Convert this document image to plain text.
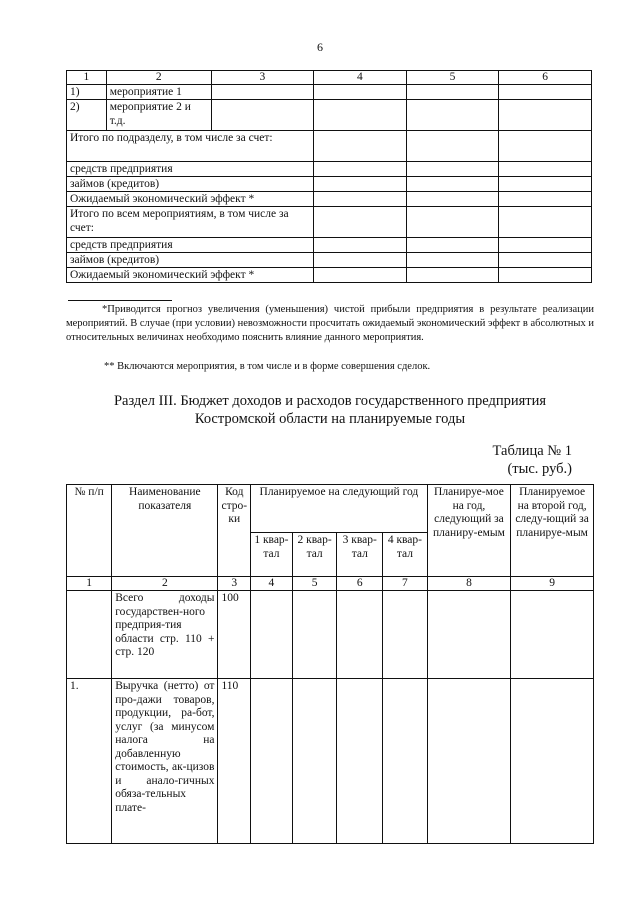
6
1	2	3	4	5	6
1)	мероприятие 1				
2)	мероприятие 2 и т.д.				
Итого по подразделу, в том числе за счет:					
средств предприятия					
займов (кредитов)					
Ожидаемый экономический эффект *					
Итого по всем мероприятиям, в том числе за счет:					
средств предприятия					
займов (кредитов)					
Ожидаемый экономический эффект *					
*Приводится прогноз увеличения (уменьшения) чистой прибыли предприятия в результате реализации мероприятий. В случае (при условии) невозможности просчитать ожидаемый экономический эффект в абсолютных и относительных величинах необходимо пояснить влияние данного мероприятия.
** Включаются мероприятия, в том числе и в форме совершения сделок.
Раздел III. Бюджет доходов и расходов государственного предприятия
Костромской области на планируемые годы
Таблица № 1
(тыс. руб.)
№ п/п	Наименование показателя	Код стро-ки	Планируемое на следующий год				Планируе-мое на год, следующий за планиру-емым	Планируемое на второй год, следу-ющий за планируе-мым
			1 квар-тал	2 квар-тал	3 квар-тал	4 квар-тал		
1	2	3	4	5	6	7	8	9
	Всего доходы государствен-ного предприя-тия области стр. 110 + стр. 120	100						
1.	Выручка (нетто) от про-дажи товаров, продукции, ра-бот, услуг (за минусом налога на добавленную стоимость, ак-цизов и анало-гичных обяза-тельных плате-	110						
